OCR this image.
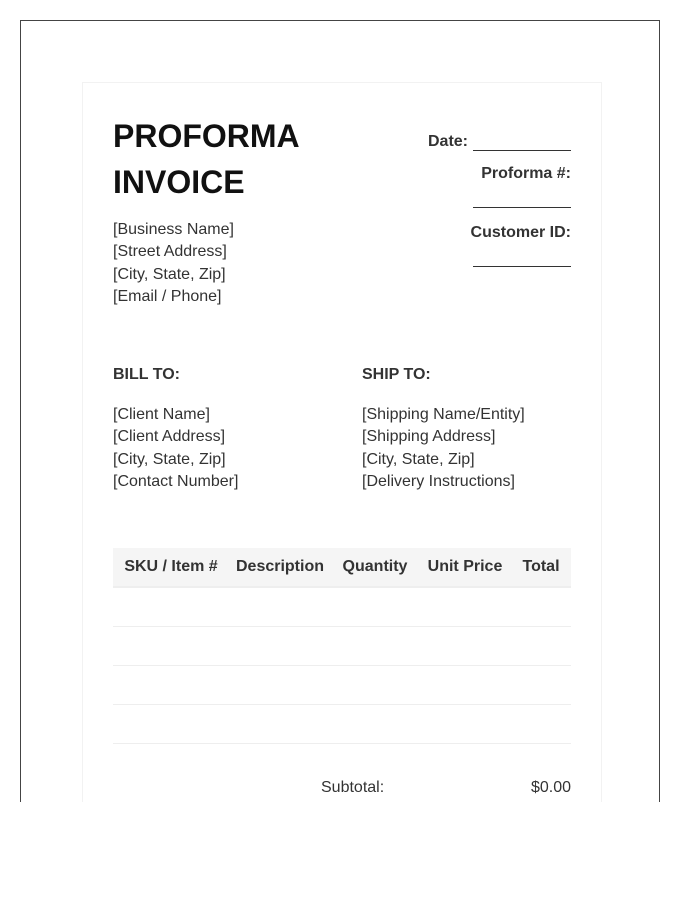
PROFORMA
INVOICE
[Business Name]
[Street Address]
[City, State, Zip]
[Email / Phone]
Date:
Proforma #:
Customer ID:
BILL TO:
[Client Name]
[Client Address]
[City, State, Zip]
[Contact Number]
SHIP TO:
[Shipping Name/Entity]
[Shipping Address]
[City, State, Zip]
[Delivery Instructions]
SKU / Item #	Description	Quantity	Unit Price	Total

Subtotal:	$0.00
